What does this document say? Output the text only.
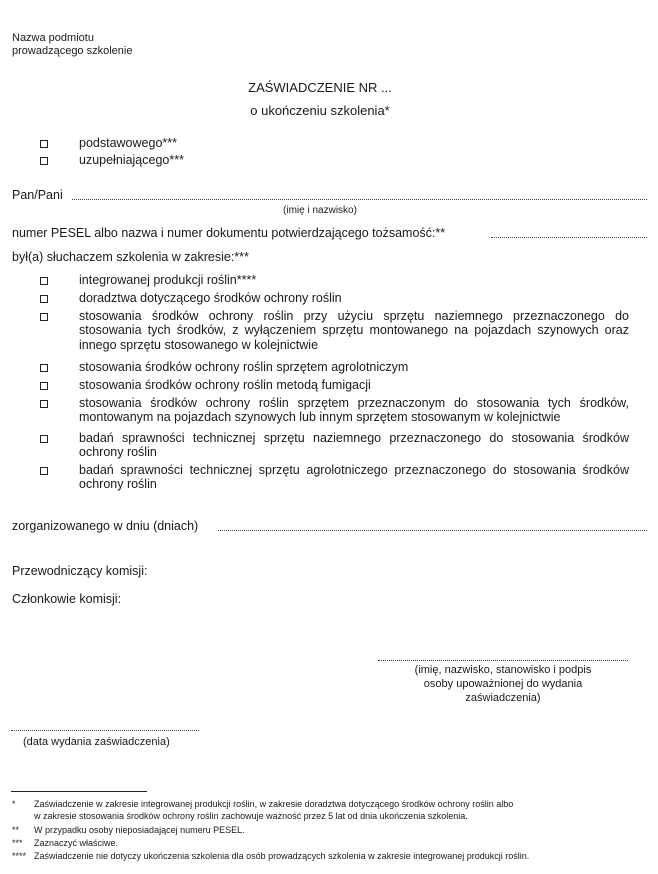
Nazwa podmiotu
prowadzącego szkolenie
ZAŚWIADCZENIE NR ...
o ukończeniu szkolenia*
podstawowego***
uzupełniającego***
Pan/Pani
(imię i nazwisko)
numer PESEL albo nazwa i numer dokumentu potwierdzającego tożsamość:**
był(a) słuchaczem szkolenia w zakresie:***
integrowanej produkcji roślin****
doradztwa dotyczącego środków ochrony roślin
stosowania środków ochrony roślin przy użyciu sprzętu naziemnego przeznaczonego do stosowania tych środków, z wyłączeniem sprzętu montowanego na pojazdach szynowych oraz innego sprzętu stosowanego w kolejnictwie
stosowania środków ochrony roślin sprzętem agrolotniczym
stosowania środków ochrony roślin metodą fumigacji
stosowania środków ochrony roślin sprzętem przeznaczonym do stosowania tych środków, montowanym na pojazdach szynowych lub innym sprzętem stosowanym w kolejnictwie
badań sprawności technicznej sprzętu naziemnego przeznaczonego do stosowania środków ochrony roślin
badań sprawności technicznej sprzętu agrolotniczego przeznaczonego do stosowania środków ochrony roślin
zorganizowanego w dniu (dniach)
Przewodniczący komisji:
Członkowie komisji:
(imię, nazwisko, stanowisko i podpis
osoby upoważnionej do wydania
zaświadczenia)
(data wydania zaświadczenia)
* Zaświadczenie w zakresie integrowanej produkcji roślin, w zakresie doradztwa dotyczącego środków ochrony roślin albo
w zakresie stosowania środków ochrony roślin zachowuje ważność przez 5 lat od dnia ukończenia szkolenia.
** W przypadku osoby nieposiadającej numeru PESEL.
*** Zaznaczyć właściwe.
**** Zaświadczenie nie dotyczy ukończenia szkolenia dla osób prowadzących szkolenia w zakresie integrowanej produkcji roślin.
